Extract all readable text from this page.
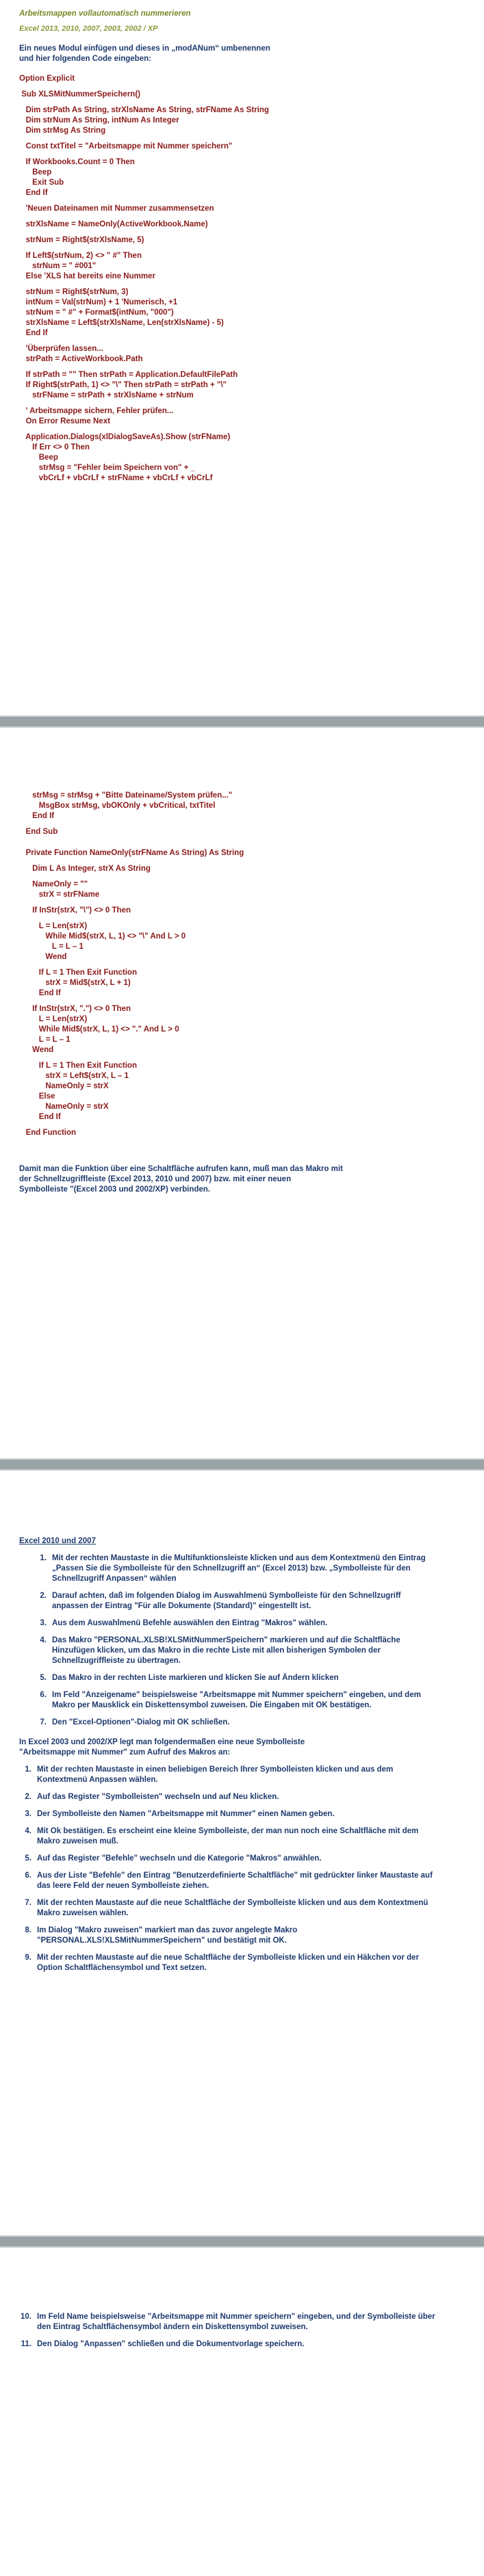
Arbeitsmappen vollautomatisch nummerieren
Excel 2013, 2010, 2007, 2003, 2002 / XP
Ein neues Modul einfügen und dieses in „modANum“ umbenennen
und hier folgenden Code eingeben:
Option Explicit
Sub XLSMitNummerSpeichern()
Dim strPath As String, strXlsName As String, strFName As String
Dim strNum As String, intNum As Integer
Dim strMsg As String
Const txtTitel = "Arbeitsmappe mit Nummer speichern"
If Workbooks.Count = 0 Then
Beep
Exit Sub
End If
'Neuen Dateinamen mit Nummer zusammensetzen
strXlsName = NameOnly(ActiveWorkbook.Name)
strNum = Right$(strXlsName, 5)
If Left$(strNum, 2) <> " #" Then
strNum = " #001"
Else 'XLS hat bereits eine Nummer
strNum = Right$(strNum, 3)
intNum = Val(strNum) + 1 'Numerisch, +1
strNum = " #" + Format$(intNum, "000")
strXlsName = Left$(strXlsName, Len(strXlsName) - 5)
End If
'Überprüfen lassen...
strPath = ActiveWorkbook.Path
If strPath = "" Then strPath = Application.DefaultFilePath
If Right$(strPath, 1) <> "\" Then strPath = strPath + "\"
strFName = strPath + strXlsName + strNum
' Arbeitsmappe sichern, Fehler prüfen...
On Error Resume Next
Application.Dialogs(xlDialogSaveAs).Show (strFName)
If Err <> 0 Then
Beep
strMsg = "Fehler beim Speichern von" + _
vbCrLf + vbCrLf + strFName + vbCrLf + vbCrLf
strMsg = strMsg + "Bitte Dateiname/System prüfen..."
MsgBox strMsg, vbOKOnly + vbCritical, txtTitel
End If
End Sub
Private Function NameOnly(strFName As String) As String
Dim L As Integer, strX As String
NameOnly = ""
strX = strFName
If InStr(strX, "\") <> 0 Then
L = Len(strX)
While Mid$(strX, L, 1) <> "\" And L > 0
L = L – 1
Wend
If L = 1 Then Exit Function
strX = Mid$(strX, L + 1)
End If
If InStr(strX, ".") <> 0 Then
L = Len(strX)
While Mid$(strX, L, 1) <> "." And L > 0
L = L – 1
Wend
If L = 1 Then Exit Function
strX = Left$(strX, L – 1
NameOnly = strX
Else
NameOnly = strX
End If
End Function
Damit man die Funktion über eine Schaltfläche aufrufen kann, muß man das Makro mit
der Schnellzugriffleiste (Excel 2013, 2010 und 2007) bzw. mit einer neuen
Symbolleiste "(Excel 2003 und 2002/XP) verbinden.
Excel 2010 und 2007
1. Mit der rechten Maustaste in die Multifunktionsleiste klicken und aus dem Kontextmenü den Eintrag „Passen Sie die Symbolleiste für den Schnellzugriff an“ (Excel 2013) bzw. „Symbolleiste für den Schnellzugriff Anpassen“ wählen
2. Darauf achten, daß im folgenden Dialog im Auswahlmenü Symbolleiste für den Schnellzugriff anpassen der Eintrag "Für alle Dokumente (Standard)" eingestellt ist.
3. Aus dem Auswahlmenü Befehle auswählen den Eintrag "Makros" wählen.
4. Das Makro "PERSONAL.XLSB!XLSMitNummerSpeichern" markieren und auf die Schaltfläche Hinzufügen klicken, um das Makro in die rechte Liste mit allen bisherigen Symbolen der Schnellzugriffleiste zu übertragen.
5. Das Makro in der rechten Liste markieren und klicken Sie auf Ändern klicken
6. Im Feld "Anzeigename" beispielsweise "Arbeitsmappe mit Nummer speichern" eingeben, und dem Makro per Mausklick ein Diskettensymbol zuweisen. Die Eingaben mit OK bestätigen.
7. Den "Excel-Optionen"-Dialog mit OK schließen.
In Excel 2003 und 2002/XP legt man folgendermaßen eine neue Symbolleiste
"Arbeitsmappe mit Nummer" zum Aufruf des Makros an:
1. Mit der rechten Maustaste in einen beliebigen Bereich Ihrer Symbolleisten klicken und aus dem Kontextmenü Anpassen wählen.
2. Auf das Register "Symbolleisten" wechseln und auf Neu klicken.
3. Der Symbolleiste den Namen "Arbeitsmappe mit Nummer" einen Namen geben.
4. Mit Ok bestätigen. Es erscheint eine kleine Symbolleiste, der man nun noch eine Schaltfläche mit dem Makro zuweisen muß.
5. Auf das Register "Befehle" wechseln und die Kategorie "Makros" anwählen.
6. Aus der Liste "Befehle" den Eintrag "Benutzerdefinierte Schaltfläche" mit gedrückter linker Maustaste auf das leere Feld der neuen Symbolleiste ziehen.
7. Mit der rechten Maustaste auf die neue Schaltfläche der Symbolleiste klicken und aus dem Kontextmenü Makro zuweisen wählen.
8. Im Dialog "Makro zuweisen" markiert man das zuvor angelegte Makro "PERSONAL.XLS!XLSMitNummerSpeichern" und bestätigt mit OK.
9. Mit der rechten Maustaste auf die neue Schaltfläche der Symbolleiste klicken und ein Häkchen vor der Option Schaltflächensymbol und Text setzen.
10. Im Feld Name beispielsweise "Arbeitsmappe mit Nummer speichern" eingeben, und der Symbolleiste über den Eintrag Schaltflächensymbol ändern ein Diskettensymbol zuweisen.
11. Den Dialog "Anpassen" schließen und die Dokumentvorlage speichern.
